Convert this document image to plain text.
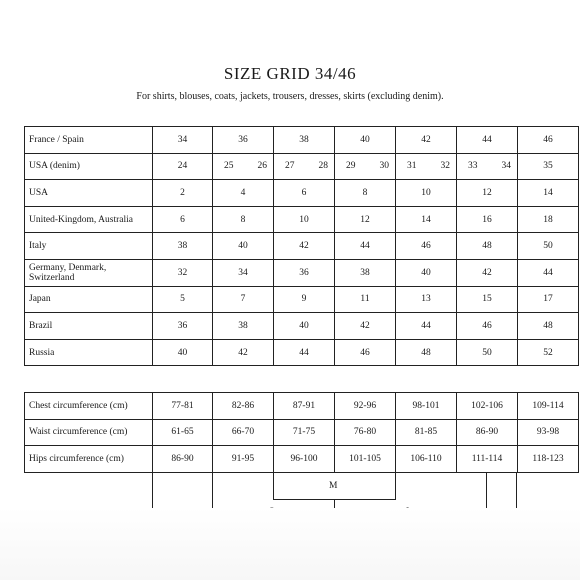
SIZE GRID 34/46
For shirts, blouses, coats, jackets, trousers, dresses, skirts (excluding denim).
France / Spain	34	36	38	40	42	44	46
USA (denim)	24	25 26	27 28	29 30	31 32	33 34	35
USA	2	4	6	8	10	12	14
United-Kingdom, Australia	6	8	10	12	14	16	18
Italy	38	40	42	44	46	48	50
Germany, Denmark, Switzerland	32	34	36	38	40	42	44
Japan	5	7	9	11	13	15	17
Brazil	36	38	40	42	44	46	48
Russia	40	42	44	46	48	50	52
Chest circumference (cm)	77-81	82-86	87-91	92-96	98-101	102-106	109-114
Waist circumference (cm)	61-65	66-70	71-75	76-80	81-85	86-90	93-98
Hips circumference (cm)	86-90	91-95	96-100	101-105	106-110	111-114	118-123
M
